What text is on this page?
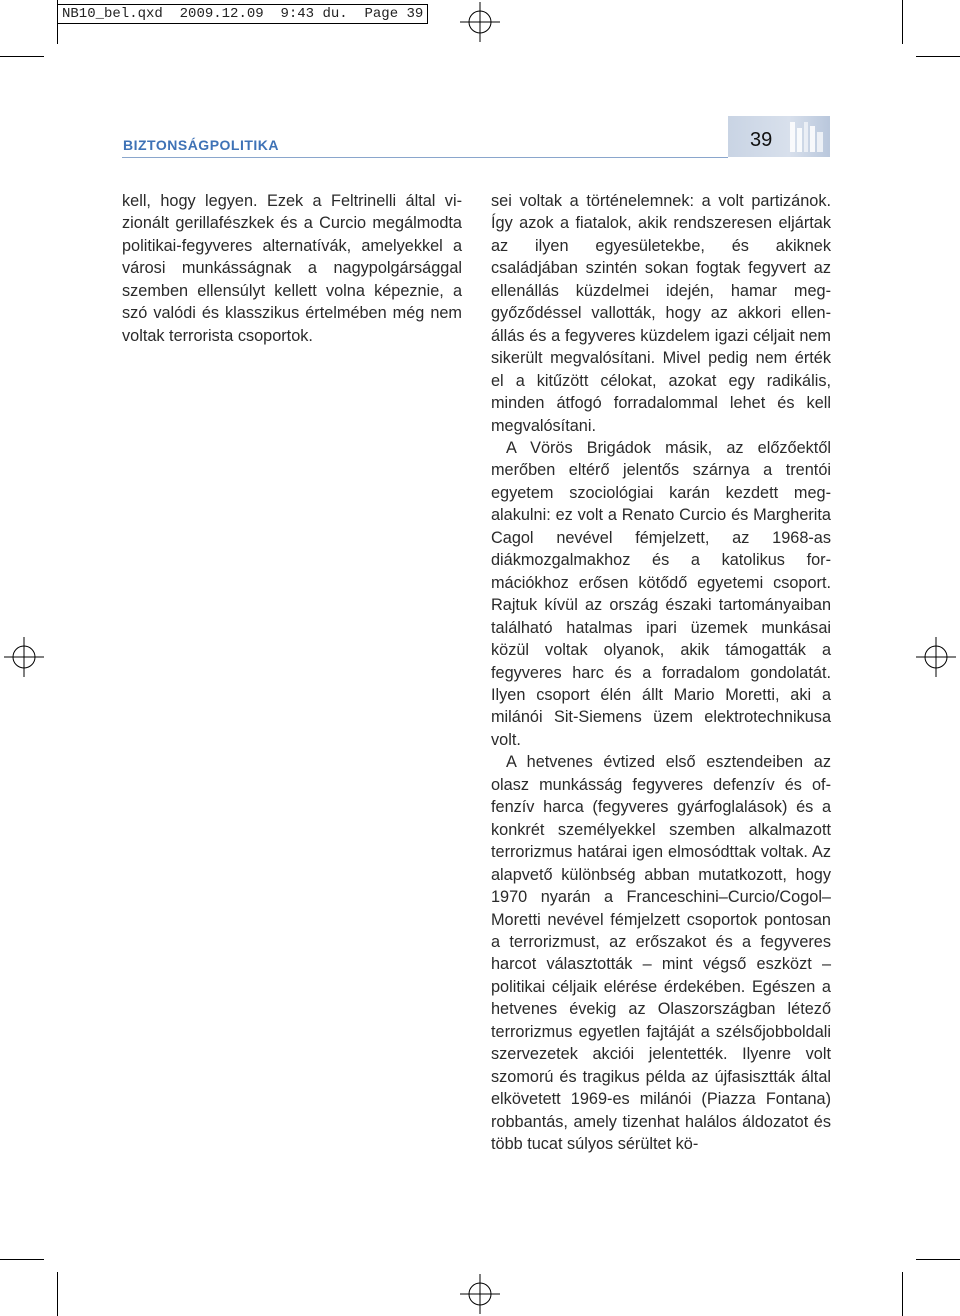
NB10_bel.qxd 2009.12.09 9:43 du. Page 39
BIZTONSÁGPOLITIKA	39

kell, hogy legyen. Ezek a Feltrinelli által vizionált gerillafészkek és a Curcio megálmodta politikai-fegyveres alternatívák, amelyekkel a városi munkásságnak a nagypolgársággal szemben ellensúlyt kellett volna képeznie, a szó valódi és klasszikus értelmében még nem voltak terrorista csoportok.

sei voltak a történelemnek: a volt partizánok. Így azok a fiatalok, akik rendszeresen eljártak az ilyen egyesületekbe, és akiknek családjában szintén sokan fogtak fegyvert az ellenállás küzdelmei idején, hamar meggyőződéssel vallották, hogy az akkori ellenállás és a fegyveres küzdelem igazi céljait nem sikerült megvalósítani. Mivel pedig nem érték el a kitűzött célokat, azokat egy radikális, minden átfogó forradalommal lehet és kell megvalósítani.

A Vörös Brigádok másik, az előzőektől merőben eltérő jelentős szárnya a trentói egyetem szociológiai karán kezdett megalakulni: ez volt a Renato Curcio és Margherita Cagol nevével fémjelzett, az 1968-as diákmozgalmakhoz és a katolikus formációkhoz erősen kötődő egyetemi csoport. Rajtuk kívül az ország északi tartományaiban található hatalmas ipari üzemek munkásai közül voltak olyanok, akik támogatták a fegyveres harc és a forradalom gondolatát. Ilyen csoport élén állt Mario Moretti, aki a milánói Sit-Siemens üzem elektrotechnikusa volt.

A hetvenes évtized első esztendeiben az olasz munkásság fegyveres defenzív és offenzív harca (fegyveres gyárfoglalások) és a konkrét személyekkel szemben alkalmazott terrorizmus határai igen elmosódttak voltak. Az alapvető különbség abban mutatkozott, hogy 1970 nyarán a Franceschini–Curcio/Cogol–Moretti nevével fémjelzett csoportok pontosan a terrorizmust, az erőszakot és a fegyveres harcot választották – mint végső eszközt – politikai céljaik elérése érdekében. Egészen a hetvenes évekig az Olaszországban létező terrorizmus egyetlen fajtáját a szélsőjobboldali szervezetek akciói jelentették. Ilyenre volt szomorú és tragikus példa az újfasisztták által elkövetett 1969-es milánói (Piazza Fontana) robbantás, amely tizenhat halálos áldozatot és több tucat súlyos sérültet kö-
